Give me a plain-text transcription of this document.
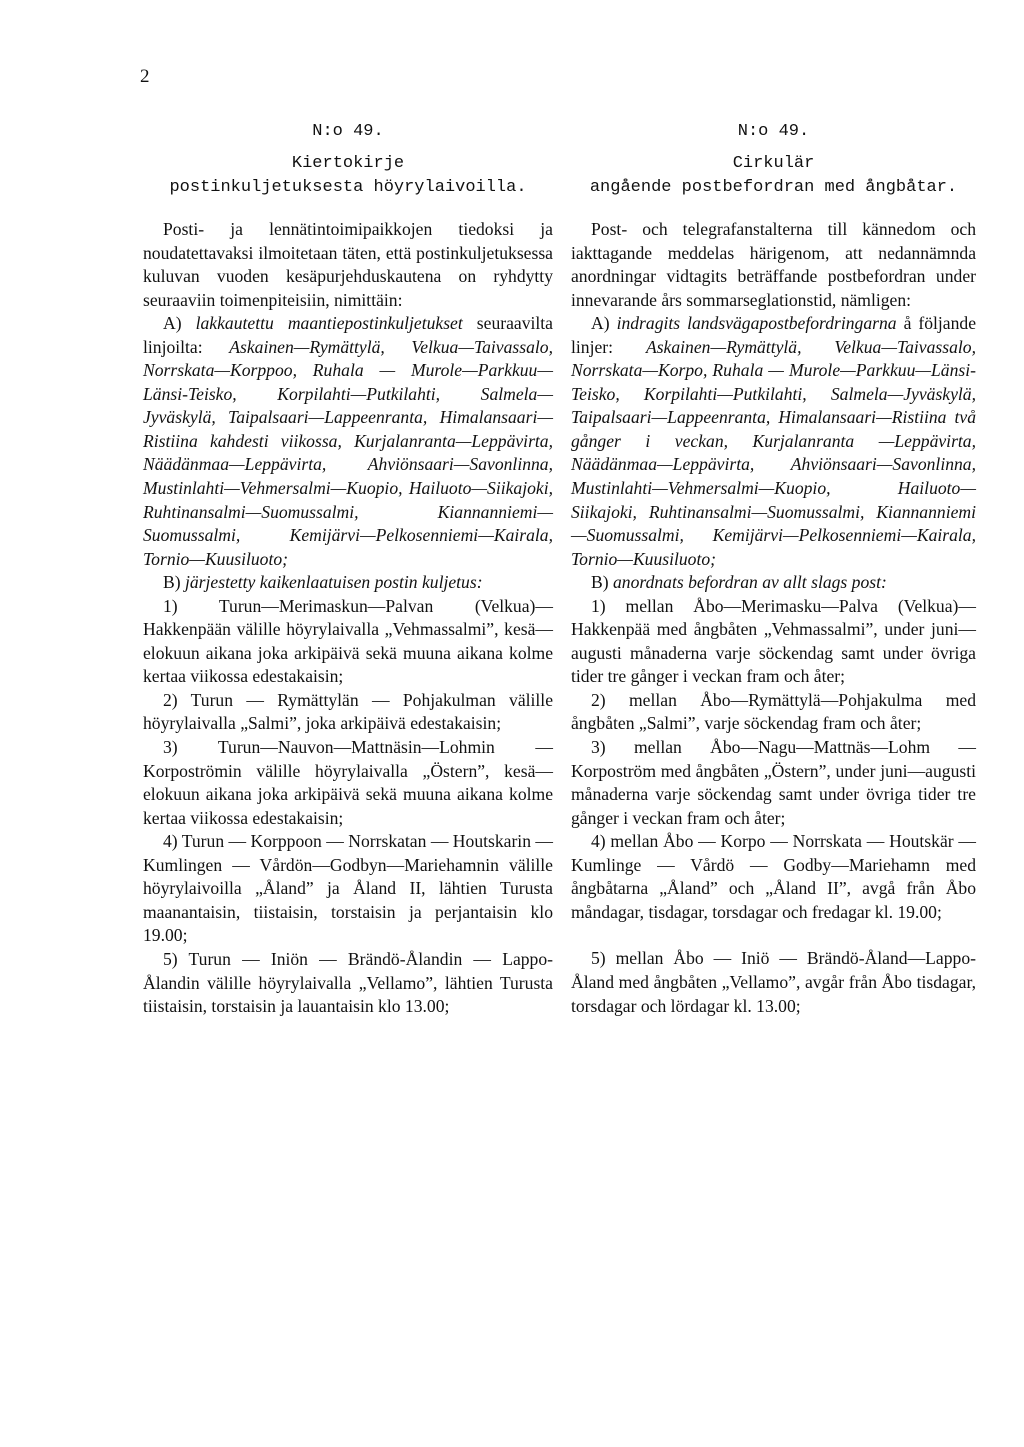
2

N:o 49.

Kiertokirje

postinkuljetuksesta höyrylaivoilla.

Posti- ja lennätintoimipaikkojen tiedoksi ja noudatettavaksi ilmoitetaan täten, että postinkuljetuksessa kuluvan vuoden kesäpurjehduskautena on ryhdytty seuraaviin toimenpiteisiin, nimittäin:

A) lakkautettu maantiepostinkuljetukset seuraavilta linjoilta: Askainen—Rymättylä, Velkua—Taivassalo, Norrskata—Korppoo, Ruhala — Murole—Parkkuu—Länsi-Teisko, Korpilahti—Putkilahti, Salmela—Jyväskylä, Taipalsaari—Lappeenranta, Himalansaari—Ristiina kahdesti viikossa, Kurjalanranta—Leppävirta, Näädänmaa—Leppävirta, Ahviönsaari—Savonlinna, Mustinlahti—Vehmersalmi—Kuopio, Hailuoto—Siikajoki, Ruhtinansalmi—Suomussalmi, Kiannanniemi—Suomussalmi, Kemijärvi—Pelkosenniemi—Kairala, Tornio—Kuusiluoto;

B) järjestetty kaikenlaatuisen postin kuljetus:

1) Turun—Merimaskun—Palvan (Velkua)—Hakkenpään välille höyrylaivalla „Vehmassalmi”, kesä—elokuun aikana joka arkipäivä sekä muuna aikana kolme kertaa viikossa edestakaisin;

2) Turun — Rymättylän — Pohjakulman välille höyrylaivalla „Salmi”, joka arkipäivä edestakaisin;

3) Turun—Nauvon—Mattnäsin—Lohmin —Korpoströmin välille höyrylaivalla „Östern”, kesä—elokuun aikana joka arkipäivä sekä muuna aikana kolme kertaa viikossa edestakaisin;

4) Turun — Korppoon — Norrskatan — Houtskarin — Kumlingen — Vårdön—Godbyn—Mariehamnin välille höyrylaivoilla „Åland” ja Åland II, lähtien Turusta maanantaisin, tiistaisin, torstaisin ja perjantaisin klo 19.00;

5) Turun — Iniön — Brändö-Ålandin — Lappo-Ålandin välille höyrylaivalla „Vellamo”, lähtien Turusta tiistaisin, torstaisin ja lauantaisin klo 13.00;

N:o 49.

Cirkulär

angående postbefordran med ångbåtar.

Post- och telegrafanstalterna till kännedom och iakttagande meddelas härigenom, att nedannämnda anordningar vidtagits beträffande postbefordran under innevarande års sommarseglationstid, nämligen:

A) indragits landsvägapostbefordringarna å följande linjer: Askainen—Rymättylä, Velkua—Taivassalo, Norrskata—Korpo, Ruhala — Murole—Parkkuu—Länsi-Teisko, Korpilahti—Putkilahti, Salmela—Jyväskylä, Taipalsaari—Lappeenranta, Himalansaari—Ristiina två gånger i veckan, Kurjalanranta —Leppävirta, Näädänmaa—Leppävirta, Ahviönsaari—Savonlinna, Mustinlahti—Vehmersalmi—Kuopio, Hailuoto—Siikajoki, Ruhtinansalmi—Suomussalmi, Kiannanniemi—Suomussalmi, Kemijärvi—Pelkosenniemi—Kairala, Tornio—Kuusiluoto;

B) anordnats befordran av allt slags post:

1) mellan Åbo—Merimasku—Palva (Velkua)—Hakkenpää med ångbåten „Vehmassalmi”, under juni—augusti månaderna varje söckendag samt under övriga tider tre gånger i veckan fram och åter;

2) mellan Åbo—Rymättylä—Pohjakulma med ångbåten „Salmi”, varje söckendag fram och åter;

3) mellan Åbo—Nagu—Mattnäs—Lohm —Korpoström med ångbåten „Östern”, under juni—augusti månaderna varje söckendag samt under övriga tider tre gånger i veckan fram och åter;

4) mellan Åbo — Korpo — Norrskata — Houtskär — Kumlinge — Vårdö — Godby—Mariehamn med ångbåtarna „Åland” och „Åland II”, avgå från Åbo måndagar, tisdagar, torsdagar och fredagar kl. 19.00;

5) mellan Åbo — Iniö — Brändö-Åland—Lappo-Åland med ångbåten „Vellamo”, avgår från Åbo tisdagar, torsdagar och lördagar kl. 13.00;
